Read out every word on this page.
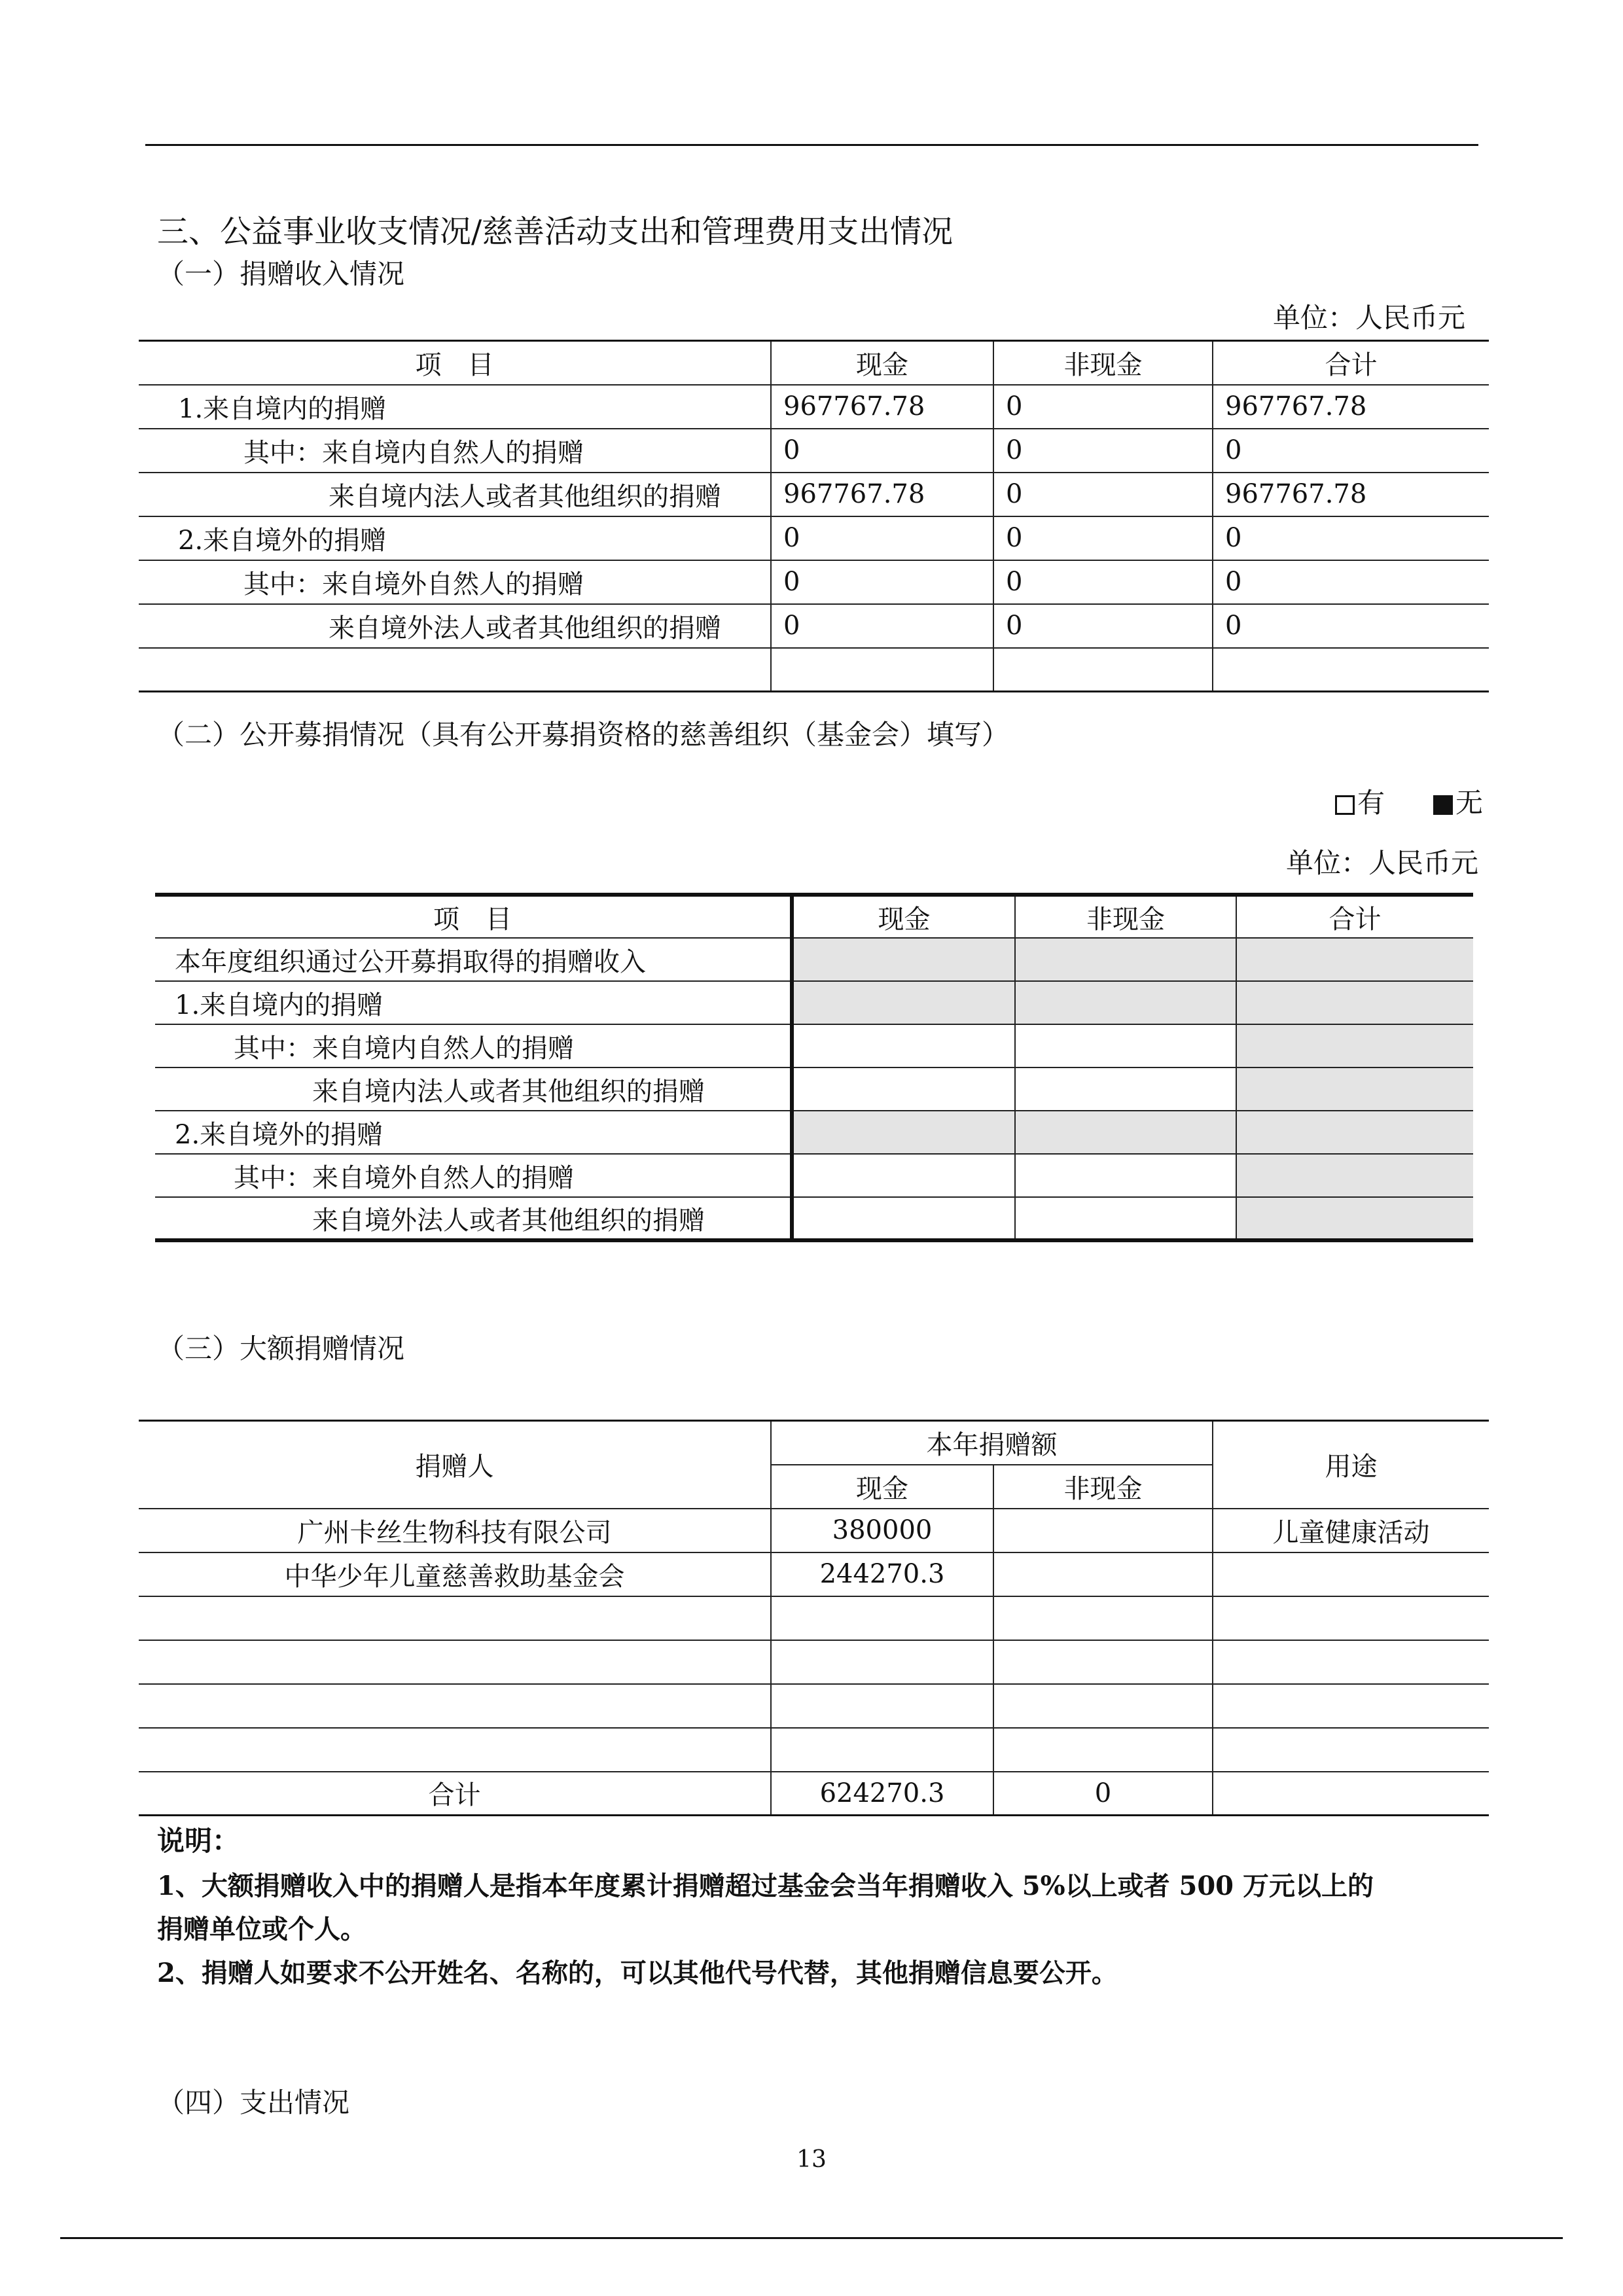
三、公益事业收支情况/慈善活动支出和管理费用支出情况
（一）捐赠收入情况
单位：人民币元
项　目	现金	非现金	合计
1.来自境内的捐赠	967767.78	0	967767.78
其中：来自境内自然人的捐赠	0	0	0
来自境内法人或者其他组织的捐赠	967767.78	0	967767.78
2.来自境外的捐赠	0	0	0
其中：来自境外自然人的捐赠	0	0	0
来自境外法人或者其他组织的捐赠	0	0	0

（二）公开募捐情况（具有公开募捐资格的慈善组织（基金会）填写）
有	无
单位：人民币元
项　目	现金	非现金	合计
本年度组织通过公开募捐取得的捐赠收入			
1.来自境内的捐赠			
其中：来自境内自然人的捐赠			
来自境内法人或者其他组织的捐赠			
2.来自境外的捐赠			
其中：来自境外自然人的捐赠			
来自境外法人或者其他组织的捐赠			
（三）大额捐赠情况
捐赠人	本年捐赠额		用途
	现金	非现金	
广州卡丝生物科技有限公司	380000		儿童健康活动
中华少年儿童慈善救助基金会	244270.3		

合计	624270.3	0	
说明：
1、大额捐赠收入中的捐赠人是指本年度累计捐赠超过基金会当年捐赠收入 5%以上或者 500 万元以上的
捐赠单位或个人。
2、捐赠人如要求不公开姓名、名称的，可以其他代号代替，其他捐赠信息要公开。
（四）支出情况
13
